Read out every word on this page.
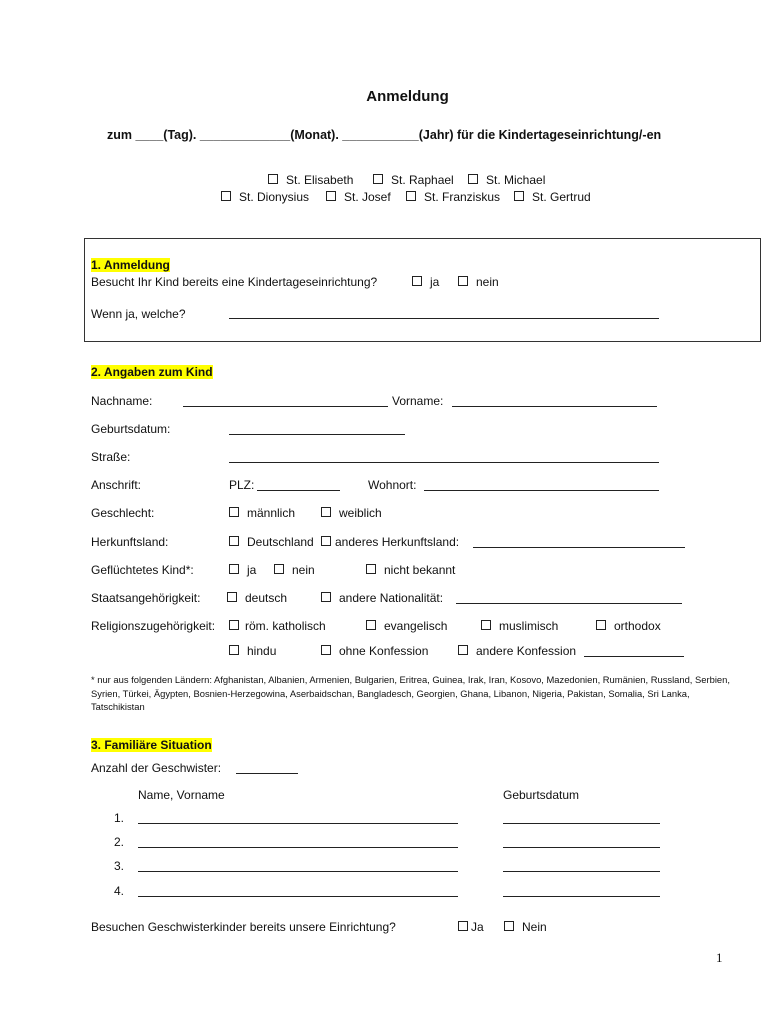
Anmeldung
zum ____(Tag). _____________(Monat). ___________(Jahr) für die Kindertageseinrichtung/-en
St. Elisabeth	St. Raphael	St. Michael
St. Dionysius	St. Josef	St. Franziskus	St. Gertrud
1. Anmeldung
Besucht Ihr Kind bereits eine Kindertageseinrichtung?	ja	nein
Wenn ja, welche?
2. Angaben zum Kind
Nachname:	Vorname:
Geburtsdatum:
Straße:
Anschrift:	PLZ:	Wohnort:
Geschlecht:	männlich	weiblich
Herkunftsland:	Deutschland	anderes Herkunftsland:
Geflüchtetes Kind*:	ja	nein	nicht bekannt
Staatsangehörigkeit:	deutsch	andere Nationalität:
Religionszugehörigkeit:	röm. katholisch	evangelisch	muslimisch	orthodox
hindu	ohne Konfession	andere Konfession
* nur aus folgenden Ländern: Afghanistan, Albanien, Armenien, Bulgarien, Eritrea, Guinea, Irak, Iran, Kosovo, Mazedonien, Rumänien, Russland, Serbien, Syrien, Türkei, Ägypten, Bosnien-Herzegowina, Aserbaidschan, Bangladesch, Georgien, Ghana, Libanon, Nigeria, Pakistan, Somalia, Sri Lanka, Tatschikistan
3. Familiäre Situation
Anzahl der Geschwister:
Name, Vorname	Geburtsdatum
1.
2.
3.
4.
Besuchen Geschwisterkinder bereits unsere Einrichtung?	Ja	Nein
1
